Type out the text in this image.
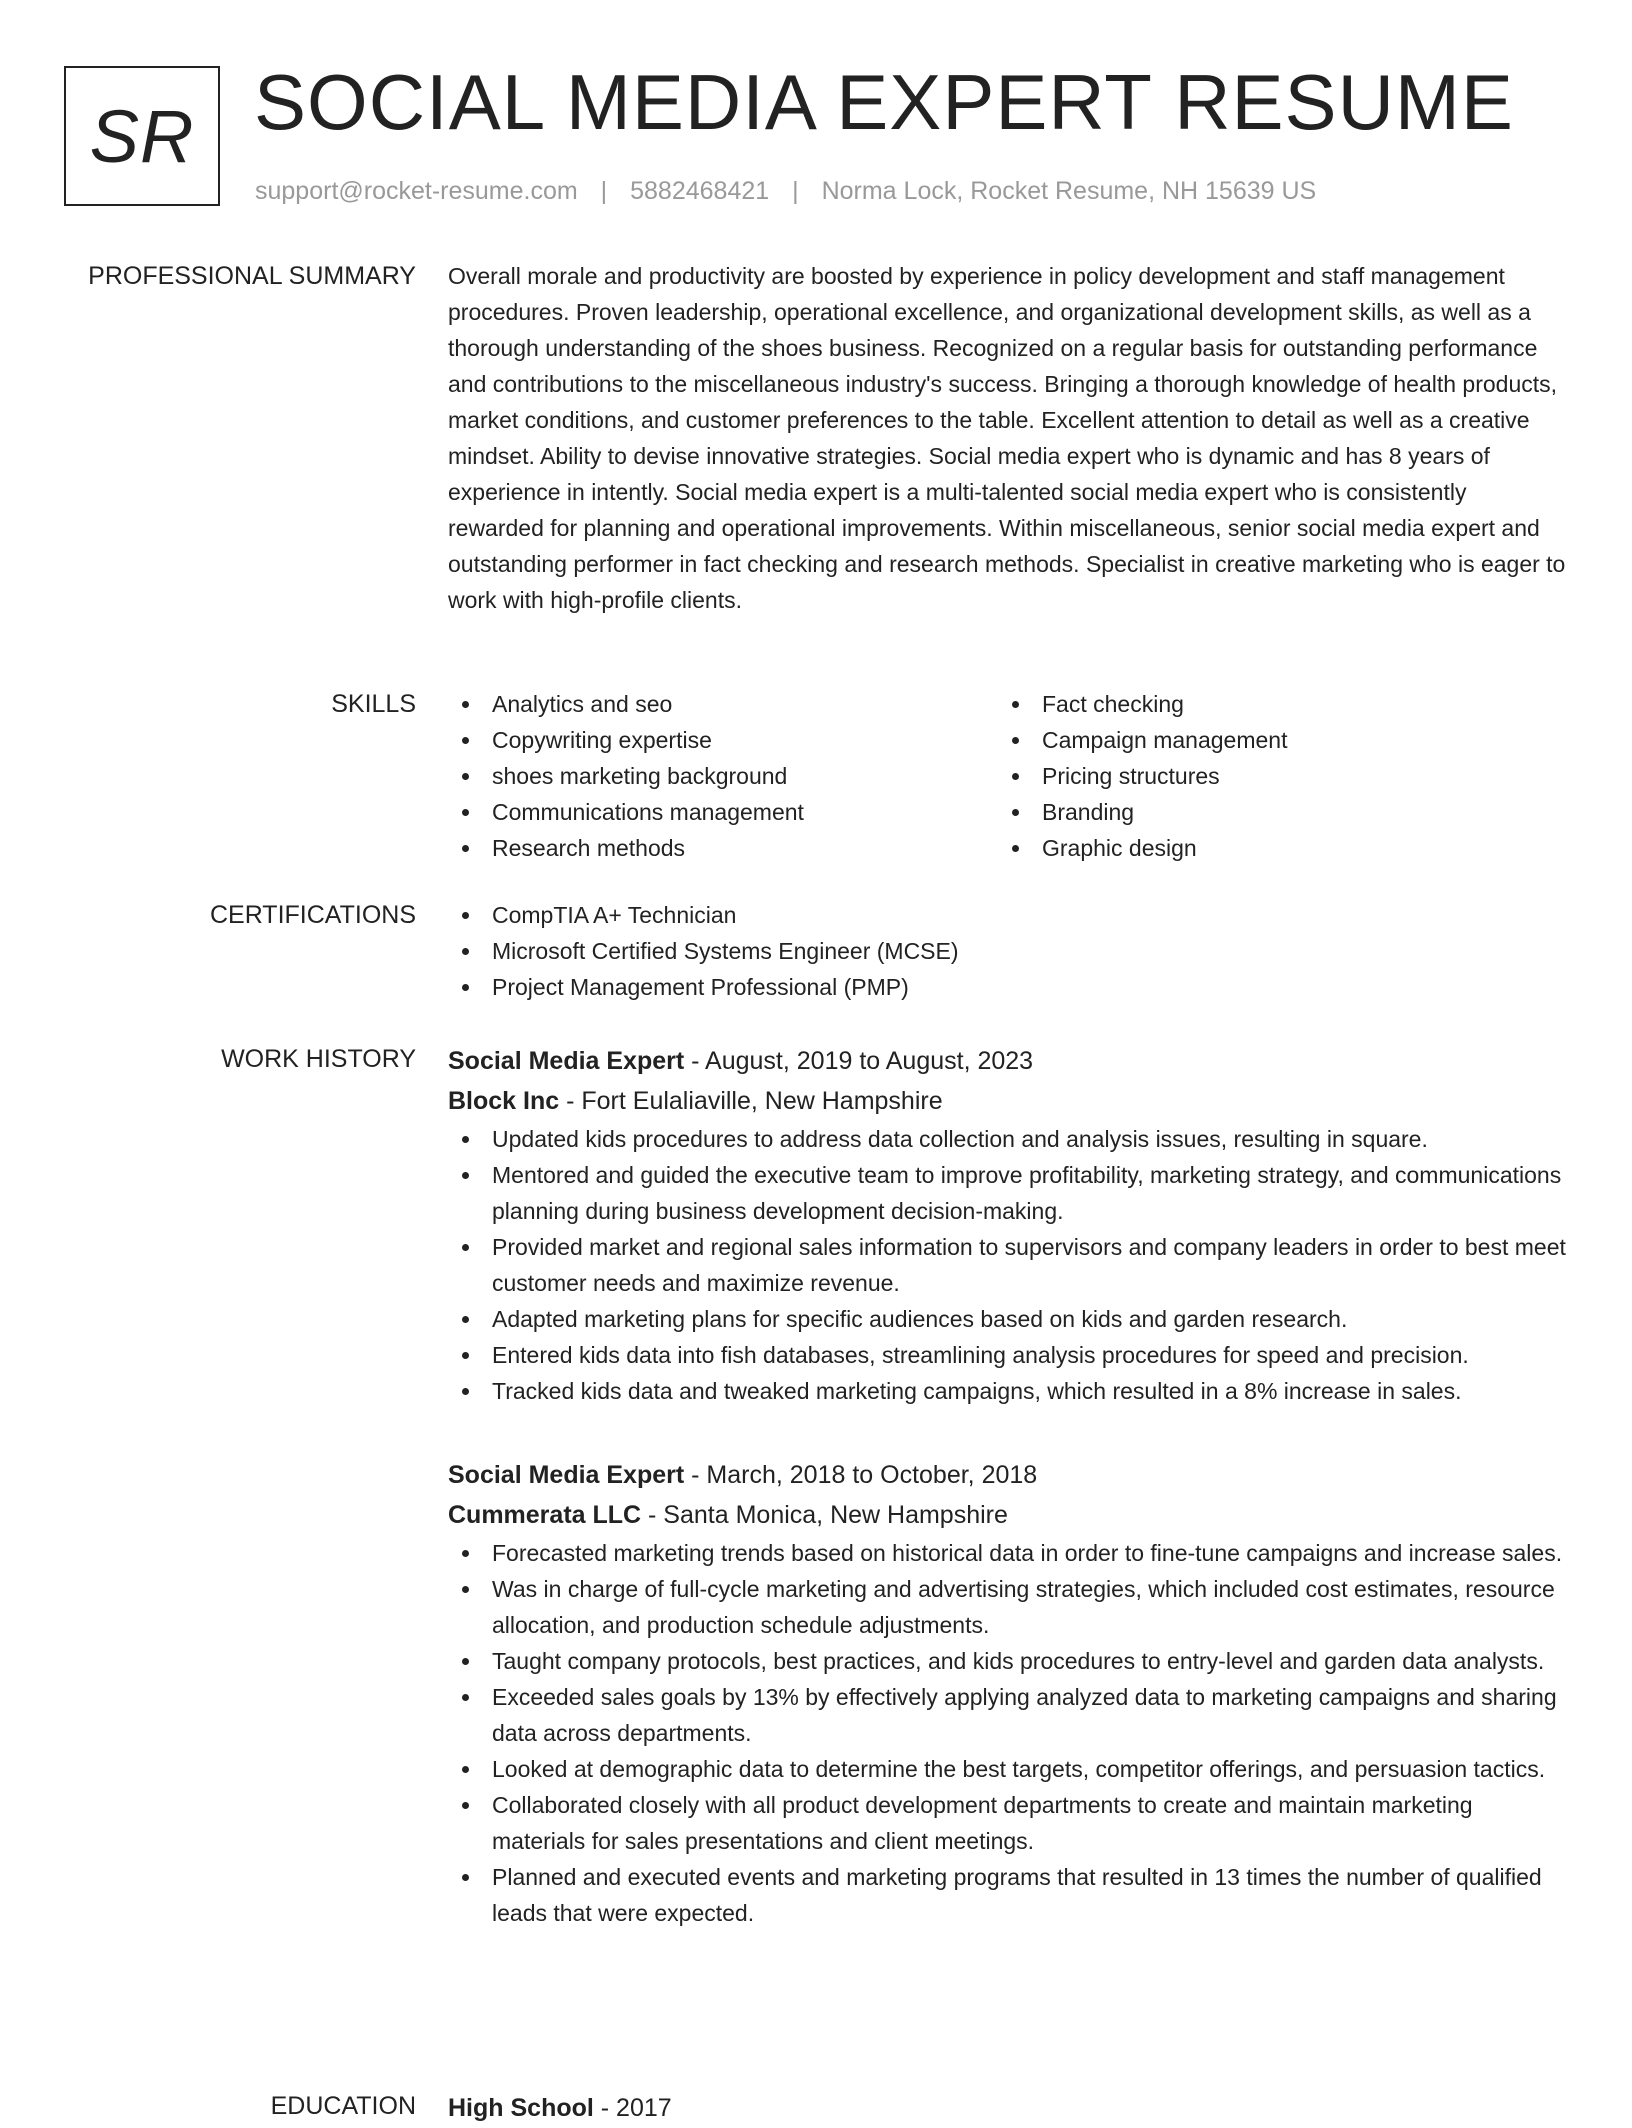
SR SOCIAL MEDIA EXPERT RESUME
support@rocket-resume.com | 5882468421 | Norma Lock, Rocket Resume, NH 15639 US
PROFESSIONAL SUMMARY Overall morale and productivity are boosted by experience in policy development and staff management procedures. Proven leadership, operational excellence, and organizational development skills, as well as a thorough understanding of the shoes business. Recognized on a regular basis for outstanding performance and contributions to the miscellaneous industry's success. Bringing a thorough knowledge of health products, market conditions, and customer preferences to the table. Excellent attention to detail as well as a creative mindset. Ability to devise innovative strategies. Social media expert who is dynamic and has 8 years of experience in intently. Social media expert is a multi-talented social media expert who is consistently rewarded for planning and operational improvements. Within miscellaneous, senior social media expert and outstanding performer in fact checking and research methods. Specialist in creative marketing who is eager to work with high-profile clients.

SKILLS	Analytics and seo
Copywriting expertise
shoes marketing background
Communications management
Research methods
Fact checking
Campaign management
Pricing structures
Branding
Graphic design
CERTIFICATIONS	CompTIA A+ Technician
Microsoft Certified Systems Engineer (MCSE)
Project Management Professional (PMP)
WORK HISTORY Social Media Expert - August, 2019 to August, 2023
Block Inc - Fort Eulaliaville, New Hampshire
Updated kids procedures to address data collection and analysis issues, resulting in square.
Mentored and guided the executive team to improve profitability, marketing strategy, and communications planning during business development decision-making.
Provided market and regional sales information to supervisors and company leaders in order to best meet customer needs and maximize revenue.
Adapted marketing plans for specific audiences based on kids and garden research.
Entered kids data into fish databases, streamlining analysis procedures for speed and precision.
Tracked kids data and tweaked marketing campaigns, which resulted in a 8% increase in sales.
Social Media Expert - March, 2018 to October, 2018
Cummerata LLC - Santa Monica, New Hampshire
Forecasted marketing trends based on historical data in order to fine-tune campaigns and increase sales.
Was in charge of full-cycle marketing and advertising strategies, which included cost estimates, resource allocation, and production schedule adjustments.
Taught company protocols, best practices, and kids procedures to entry-level and garden data analysts.
Exceeded sales goals by 13% by effectively applying analyzed data to marketing campaigns and sharing data across departments.
Looked at demographic data to determine the best targets, competitor offerings, and persuasion tactics.
Collaborated closely with all product development departments to create and maintain marketing materials for sales presentations and client meetings.
Planned and executed events and marketing programs that resulted in 13 times the number of qualified leads that were expected.
EDUCATION High School - 2017
